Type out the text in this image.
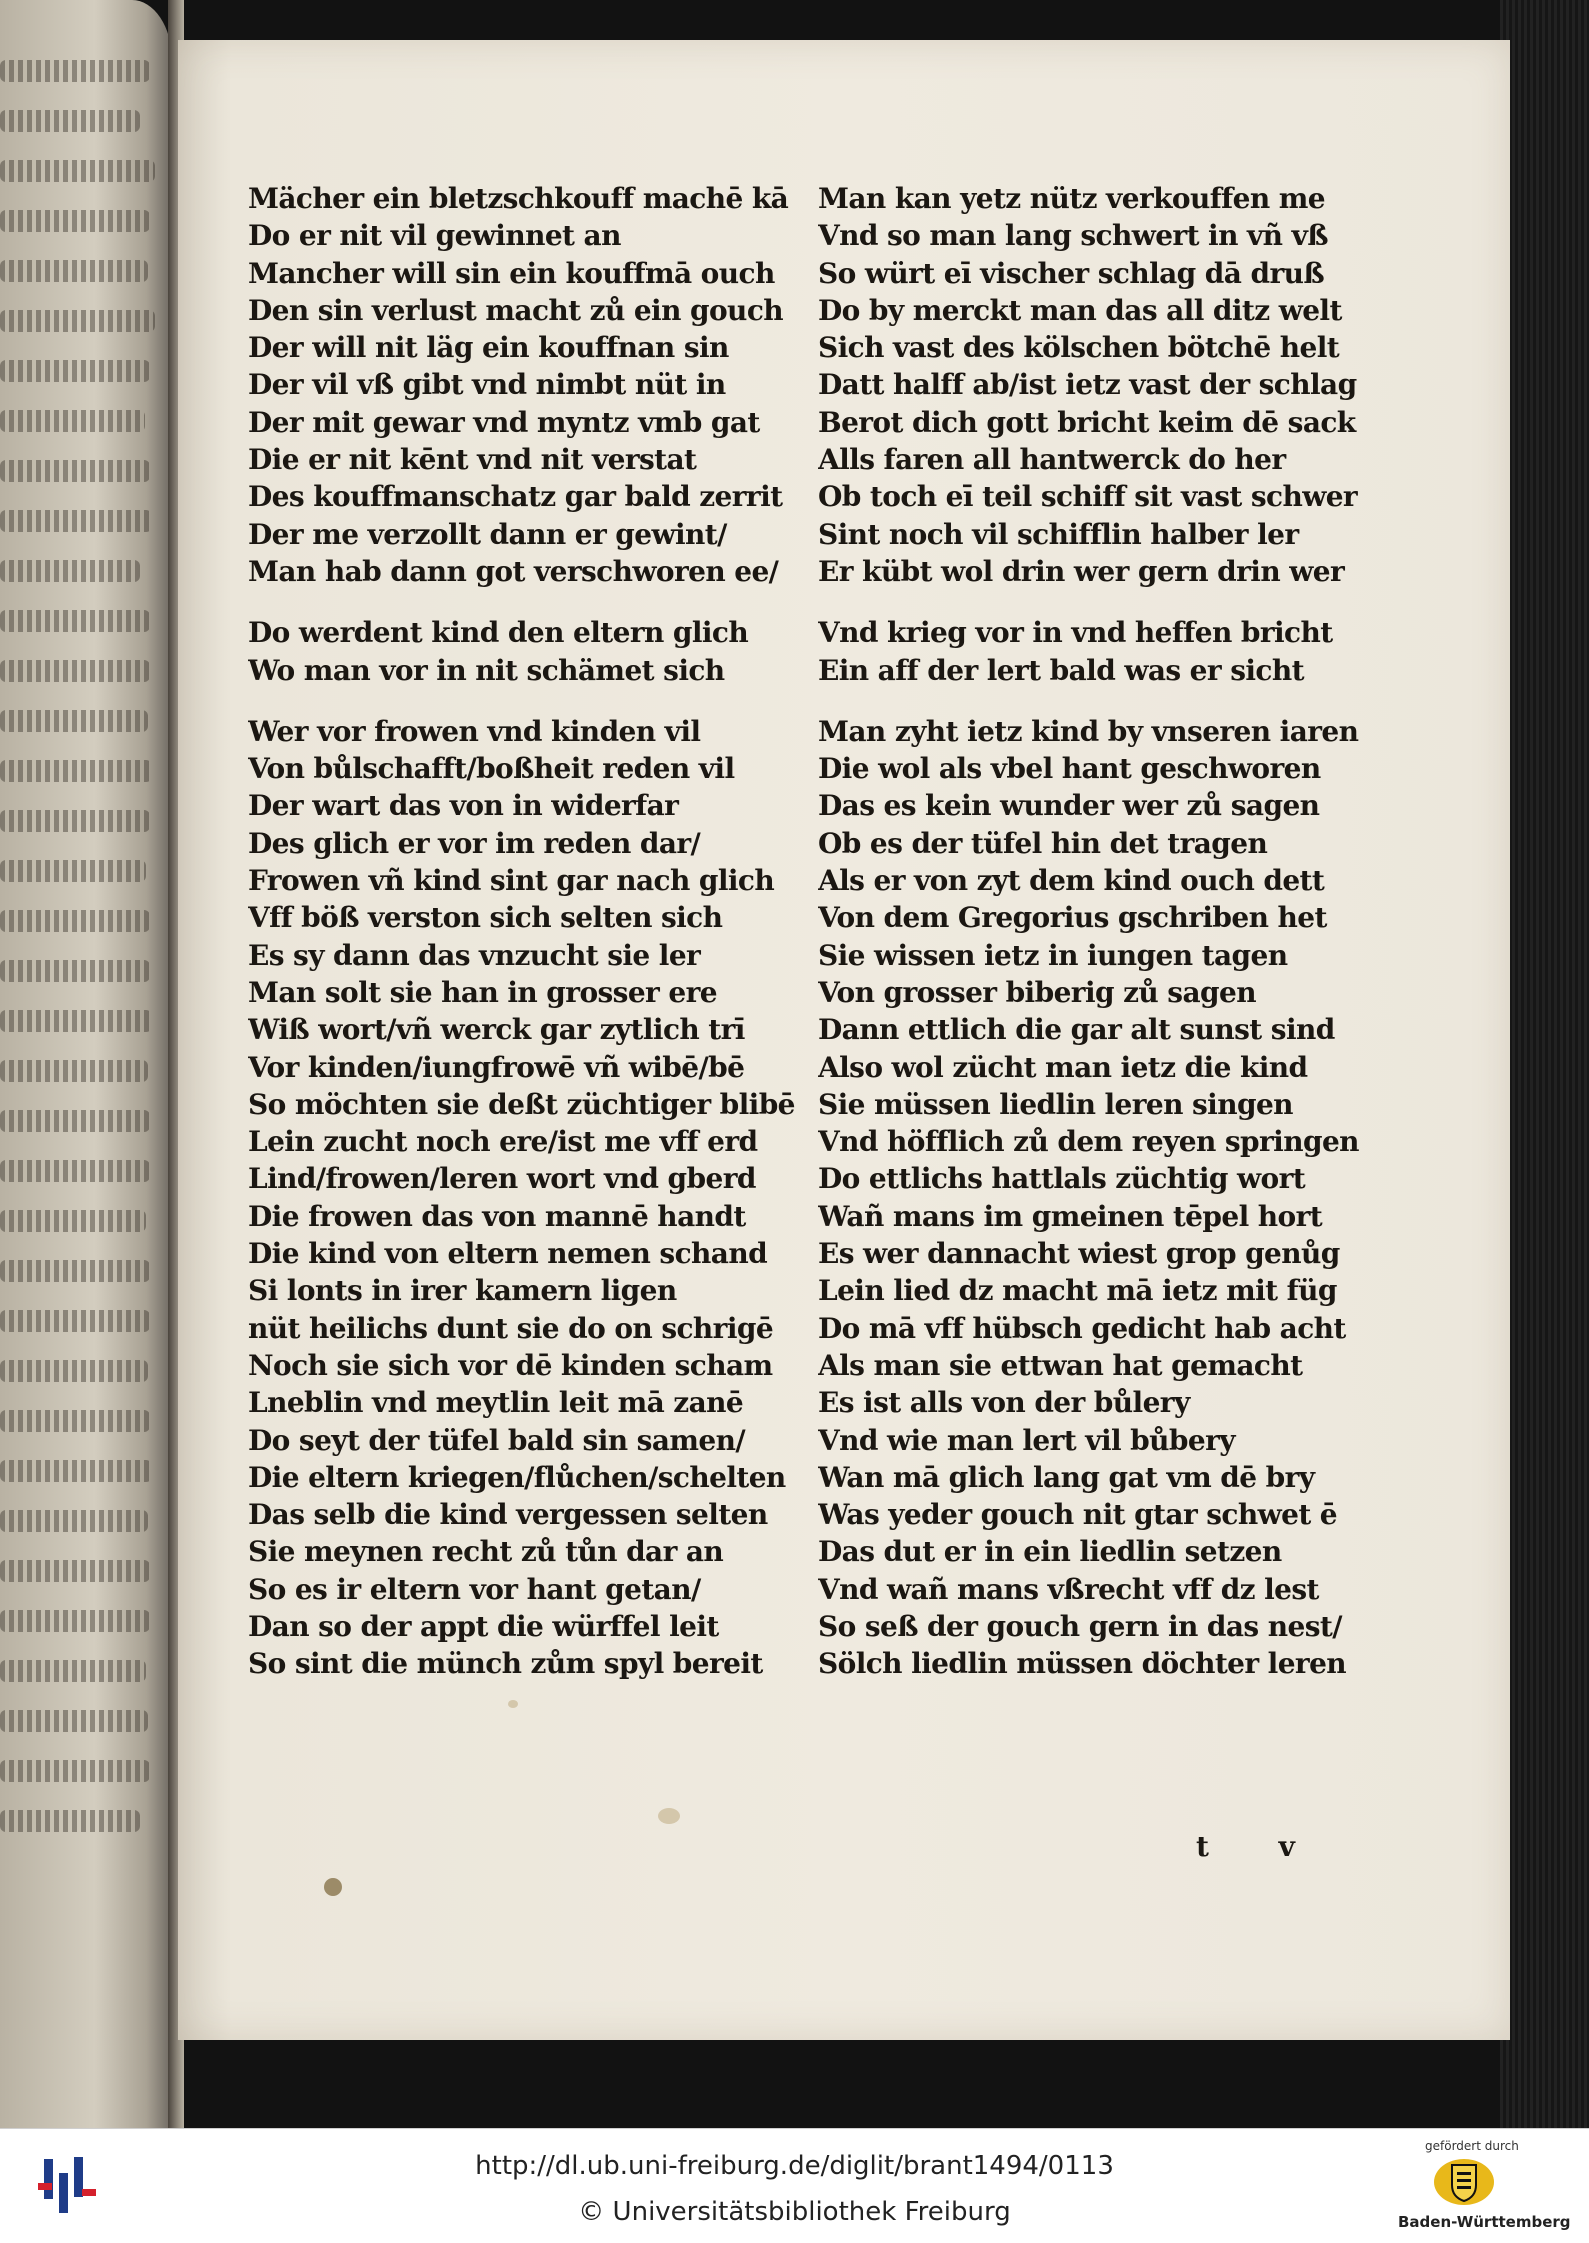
Mächer ein bletzschkouff machē kā
Do er nit vil gewinnet an
Mancher will sin ein kouffmā ouch
Den sin verlust macht zů ein gouch
Der will nit läg ein kouffnan sin
Der vil vß gibt vnd nimbt nüt in
Der mit gewar vnd myntz vmb gat
Die er nit kēnt vnd nit verstat
Des kouffmanschatz gar bald zerrit
Der me verzollt dann er gewint/
Man hab dann got verschworen ee/
Do werdent kind den eltern glich
Wo man vor in nit schämet sich
Wer vor frowen vnd kinden vil
Von bůlschafft/boßheit reden vil
Der wart das von in widerfar
Des glich er vor im reden dar/
Frowen vñ kind sint gar nach glich
Vff böß verston sich selten sich
Es sy dann das vnzucht sie ler
Man solt sie han in grosser ere
Wiß wort/vñ werck gar zytlich trī
Vor kinden/iungfrowē vñ wibē/bē
So möchten sie deßt züchtiger blibē
Lein zucht noch ere/ist me vff erd
Lind/frowen/leren wort vnd gberd
Die frowen das von mannē handt
Die kind von eltern nemen schand
Si lonts in irer kamern ligen
nüt heilichs dunt sie do on schrigē
Noch sie sich vor dē kinden scham
Lneblin vnd meytlin leit mā zanē
Do seyt der tüfel bald sin samen/
Die eltern kriegen/flůchen/schelten
Das selb die kind vergessen selten
Sie meynen recht zů tůn dar an
So es ir eltern vor hant getan/
Dan so der appt die würffel leit
So sint die münch zům spyl bereit
Man kan yetz nütz verkouffen me
Vnd so man lang schwert in vñ vß
So würt eī vischer schlag dā druß
Do by merckt man das all ditz welt
Sich vast des kölschen bötchē helt
Datt halff ab/ist ietz vast der schlag
Berot dich gott bricht keim dē sack
Alls faren all hantwerck do her
Ob toch eī teil schiff sit vast schwer
Sint noch vil schifflin halber ler
Er kübt wol drin wer gern drin wer
Vnd krieg vor in vnd heffen bricht
Ein aff der lert bald was er sicht
Man zyht ietz kind by vnseren iaren
Die wol als vbel hant geschworen
Das es kein wunder wer zů sagen
Ob es der tüfel hin det tragen
Als er von zyt dem kind ouch dett
Von dem Gregorius gschriben het
Sie wissen ietz in iungen tagen
Von grosser biberig zů sagen
Dann ettlich die gar alt sunst sind
Also wol zücht man ietz die kind
Sie müssen liedlin leren singen
Vnd höfflich zů dem reyen springen
Do ettlichs hattlals züchtig wort
Wañ mans im gmeinen tēpel hort
Es wer dannacht wiest grop genůg
Lein lied dz macht mā ietz mit füg
Do mā vff hübsch gedicht hab acht
Als man sie ettwan hat gemacht
Es ist alls von der bůlery
Vnd wie man lert vil bůbery
Wan mā glich lang gat vm dē bry
Was yeder gouch nit gtar schwet ē
Das dut er in ein liedlin setzen
Vnd wañ mans vßrecht vff dz lest
So seß der gouch gern in das nest/
Sölch liedlin müssen döchter leren
t v
http://dl.ub.uni-freiburg.de/diglit/brant1494/0113
© Universitätsbibliothek Freiburg
gefördert durch
Baden-Württemberg
